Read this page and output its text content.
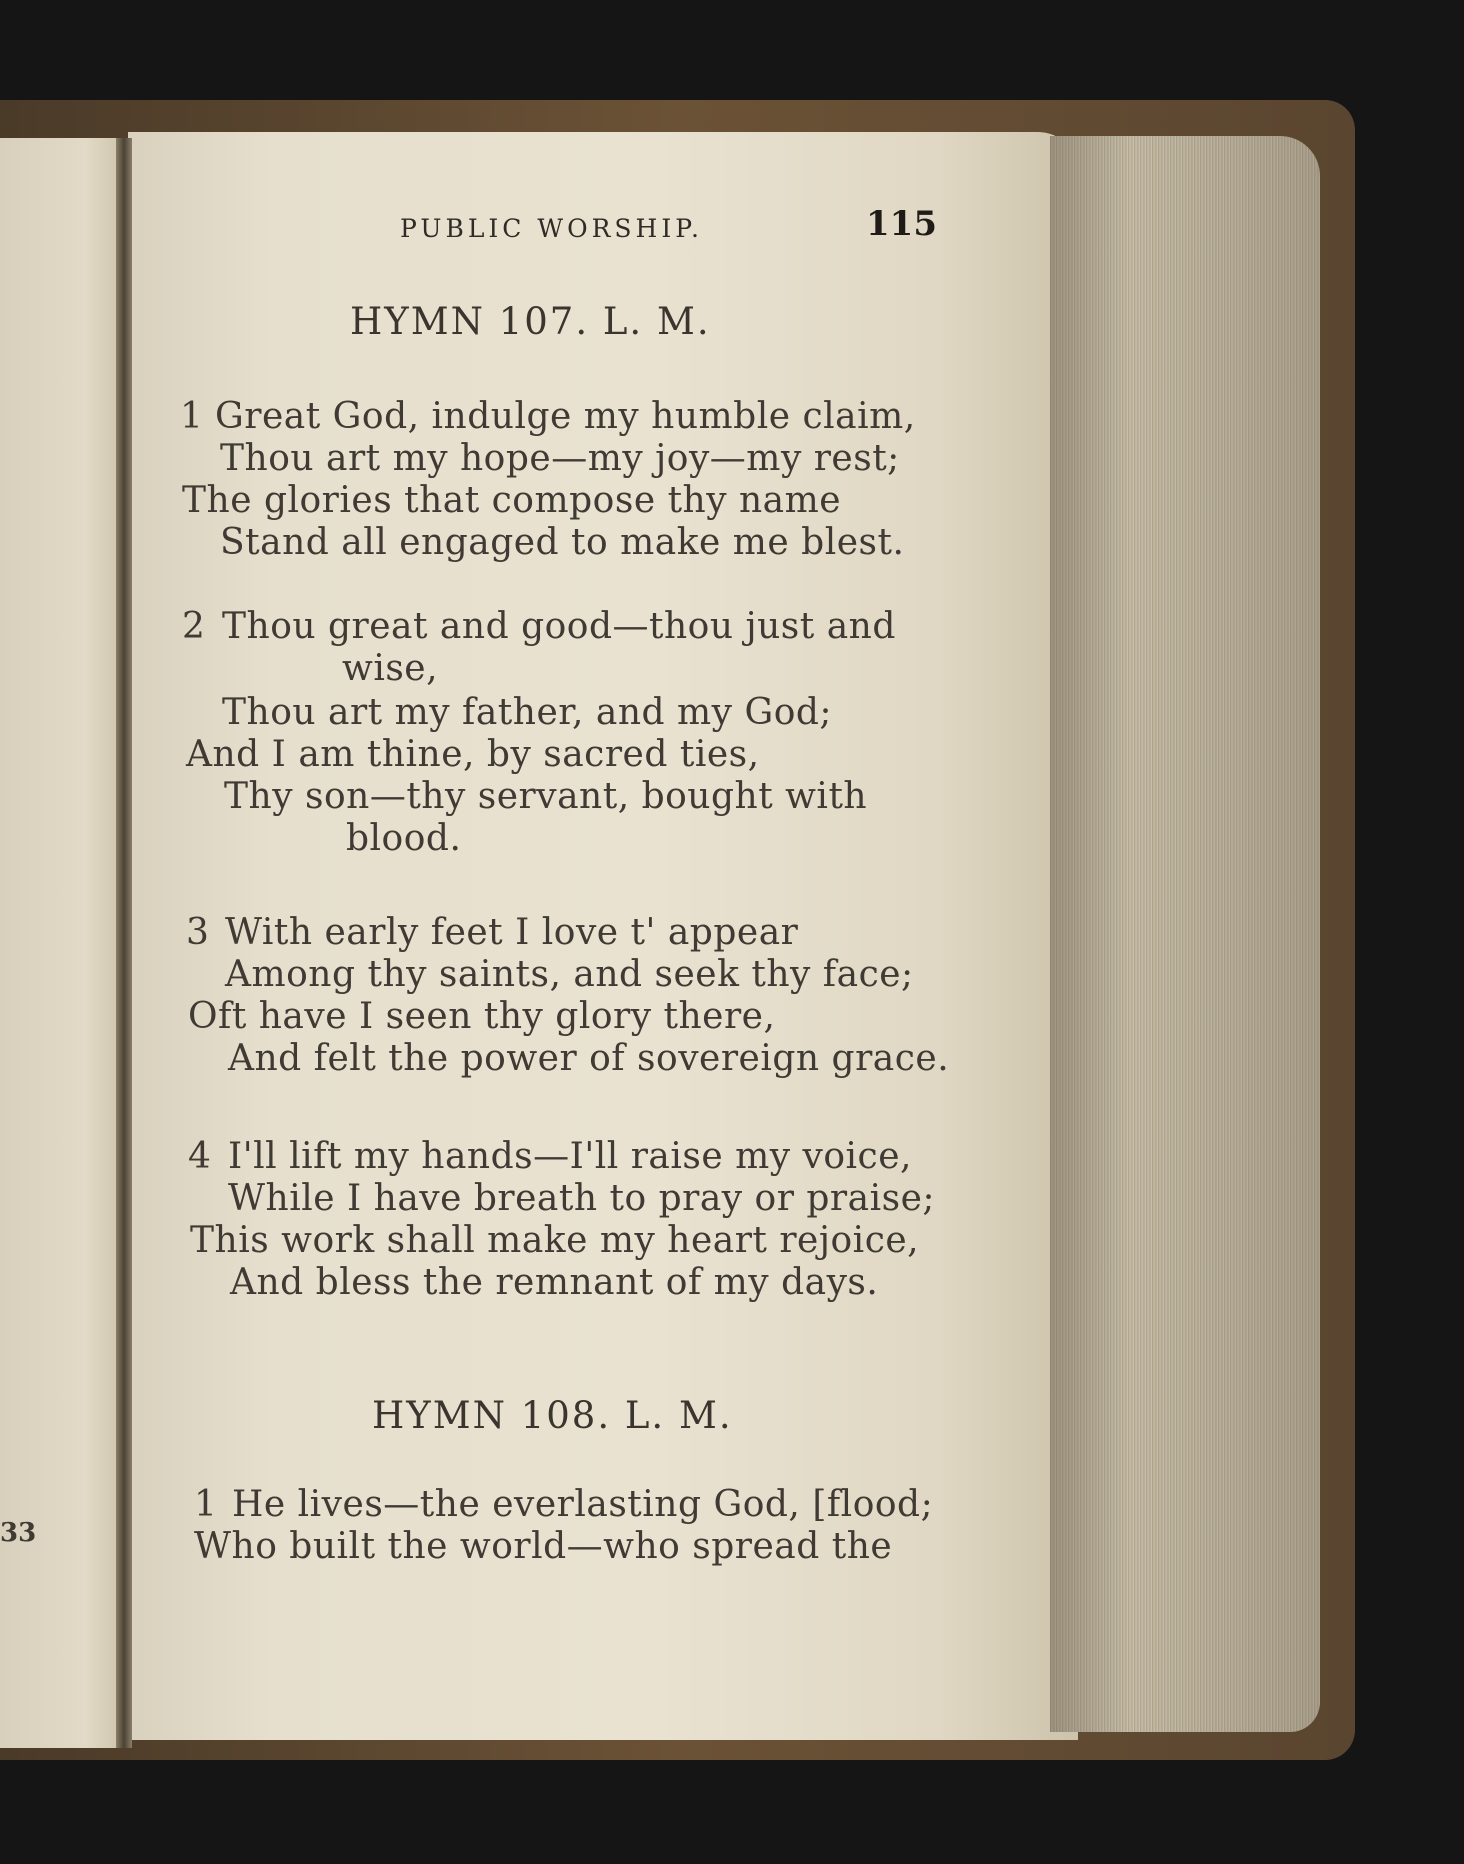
33
PUBLIC WORSHIP.	115
HYMN 107. L. M.
1 Great God, indulge my humble claim,
Thou art my hope—my joy—my rest;
The glories that compose thy name
Stand all engaged to make me blest.
2 Thou great and good—thou just and
wise,
Thou art my father, and my God;
And I am thine, by sacred ties,
Thy son—thy servant, bought with
blood.
3 With early feet I love t' appear
Among thy saints, and seek thy face;
Oft have I seen thy glory there,
And felt the power of sovereign grace.
4 I'll lift my hands—I'll raise my voice,
While I have breath to pray or praise;
This work shall make my heart rejoice,
And bless the remnant of my days.
HYMN 108. L. M.
1 He lives—the everlasting God, [flood;
Who built the world—who spread the
